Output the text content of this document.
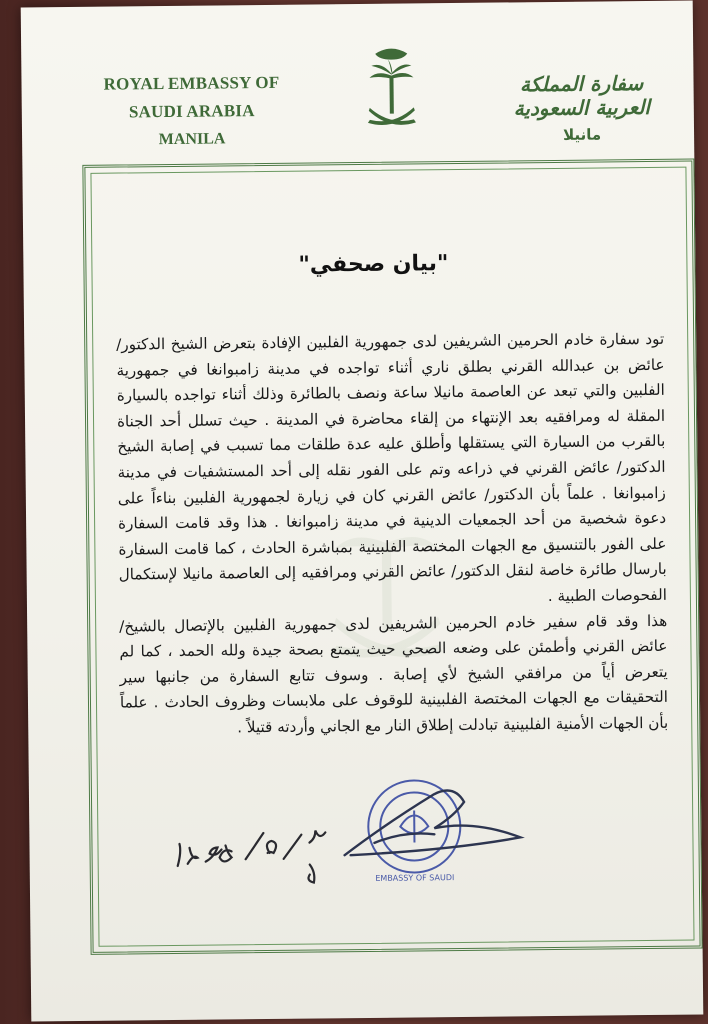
ROYAL EMBASSY OF SAUDI ARABIA
MANILA
سفارة المملكة العربية السعودية
مانيلا
"بيان صحفي"

تود سفارة خادم الحرمين الشريفين لدى جمهورية الفلبين الإفادة بتعرض الشيخ الدكتور/ عائض بن عبدالله القرني بطلق ناري أثناء تواجده في مدينة زامبوانغا في جمهورية الفلبين والتي تبعد عن العاصمة مانيلا ساعة ونصف بالطائرة وذلك أثناء تواجده بالسيارة المقلة له ومرافقيه بعد الإنتهاء من إلقاء محاضرة في المدينة . حيث تسلل أحد الجناة بالقرب من السيارة التي يستقلها وأطلق عليه عدة طلقات مما تسبب في إصابة الشيخ الدكتور/ عائض القرني في ذراعه وتم على الفور نقله إلى أحد المستشفيات في مدينة زامبوانغا . علماً بأن الدكتور/ عائض القرني كان في زيارة لجمهورية الفلبين بناءاً على دعوة شخصية من أحد الجمعيات الدينية في مدينة زامبوانغا . هذا وقد قامت السفارة على الفور بالتنسيق مع الجهات المختصة الفلبينية بمباشرة الحادث ، كما قامت السفارة بارسال طائرة خاصة لنقل الدكتور/ عائض القرني ومرافقيه إلى العاصمة مانيلا لإستكمال الفحوصات الطبية .

هذا وقد قام سفير خادم الحرمين الشريفين لدى جمهورية الفلبين بالإتصال بالشيخ/ عائض القرني وأطمئن على وضعه الصحي حيث يتمتع بصحة جيدة ولله الحمد ، كما لم يتعرض أياً من مرافقي الشيخ لأي إصابة . وسوف تتابع السفارة من جانبها سير التحقيقات مع الجهات المختصة الفلبينية للوقوف على ملابسات وظروف الحادث . علماً بأن الجهات الأمنية الفلبينية تبادلت إطلاق النار مع الجاني وأردته قتيلاً .

EMBASSY OF SAUDI
